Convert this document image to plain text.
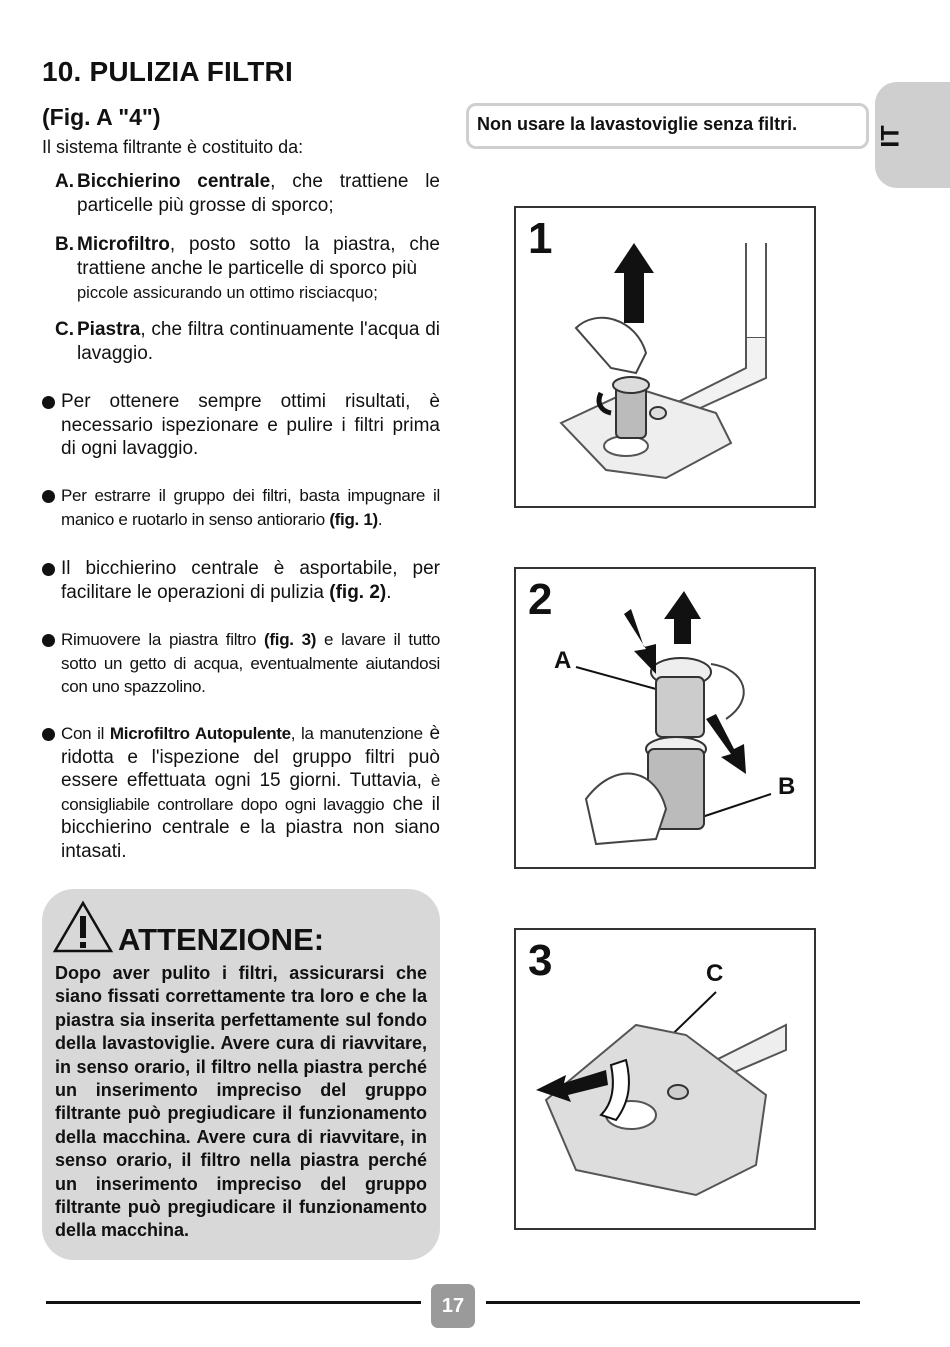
10. PULIZIA FILTRI
(Fig. A "4")
Il sistema filtrante è costituito da:
A. Bicchierino centrale, che trattiene le particelle più grosse di sporco;
B. Microfiltro, posto sotto la piastra, che trattiene anche le particelle di sporco più
piccole assicurando un ottimo risciacquo;
C. Piastra, che filtra continuamente l'acqua di lavaggio.
Per ottenere sempre ottimi risultati, è necessario ispezionare e pulire i filtri prima di ogni lavaggio.
Per estrarre il gruppo dei filtri, basta impugnare il manico e ruotarlo in senso antiorario (fig. 1).
Il bicchierino centrale è asportabile, per facilitare le operazioni di pulizia (fig. 2).
Rimuovere la piastra filtro (fig. 3) e lavare il tutto sotto un getto di acqua, eventualmente aiutandosi con uno spazzolino.
Con il Microfiltro Autopulente, la manutenzione è ridotta e l'ispezione del gruppo filtri può essere effettuata ogni 15 giorni. Tuttavia, è consigliabile controllare dopo ogni lavaggio che il bicchierino centrale e la piastra non siano intasati.
ATTENZIONE:
Dopo aver pulito i filtri, assicurarsi che siano fissati correttamente tra loro e che la piastra sia inserita perfettamente sul fondo della lavastoviglie. Avere cura di riavvitare, in senso orario, il filtro nella piastra perché un inserimento impreciso del gruppo filtrante può pregiudicare il funzionamento della macchina. Avere cura di riavvitare, in senso orario, il filtro nella piastra perché un inserimento impreciso del gruppo filtrante può pregiudicare il funzionamento della macchina.
Non usare la lavastoviglie senza filtri.
IT
1
2
A
B
3	C
17
